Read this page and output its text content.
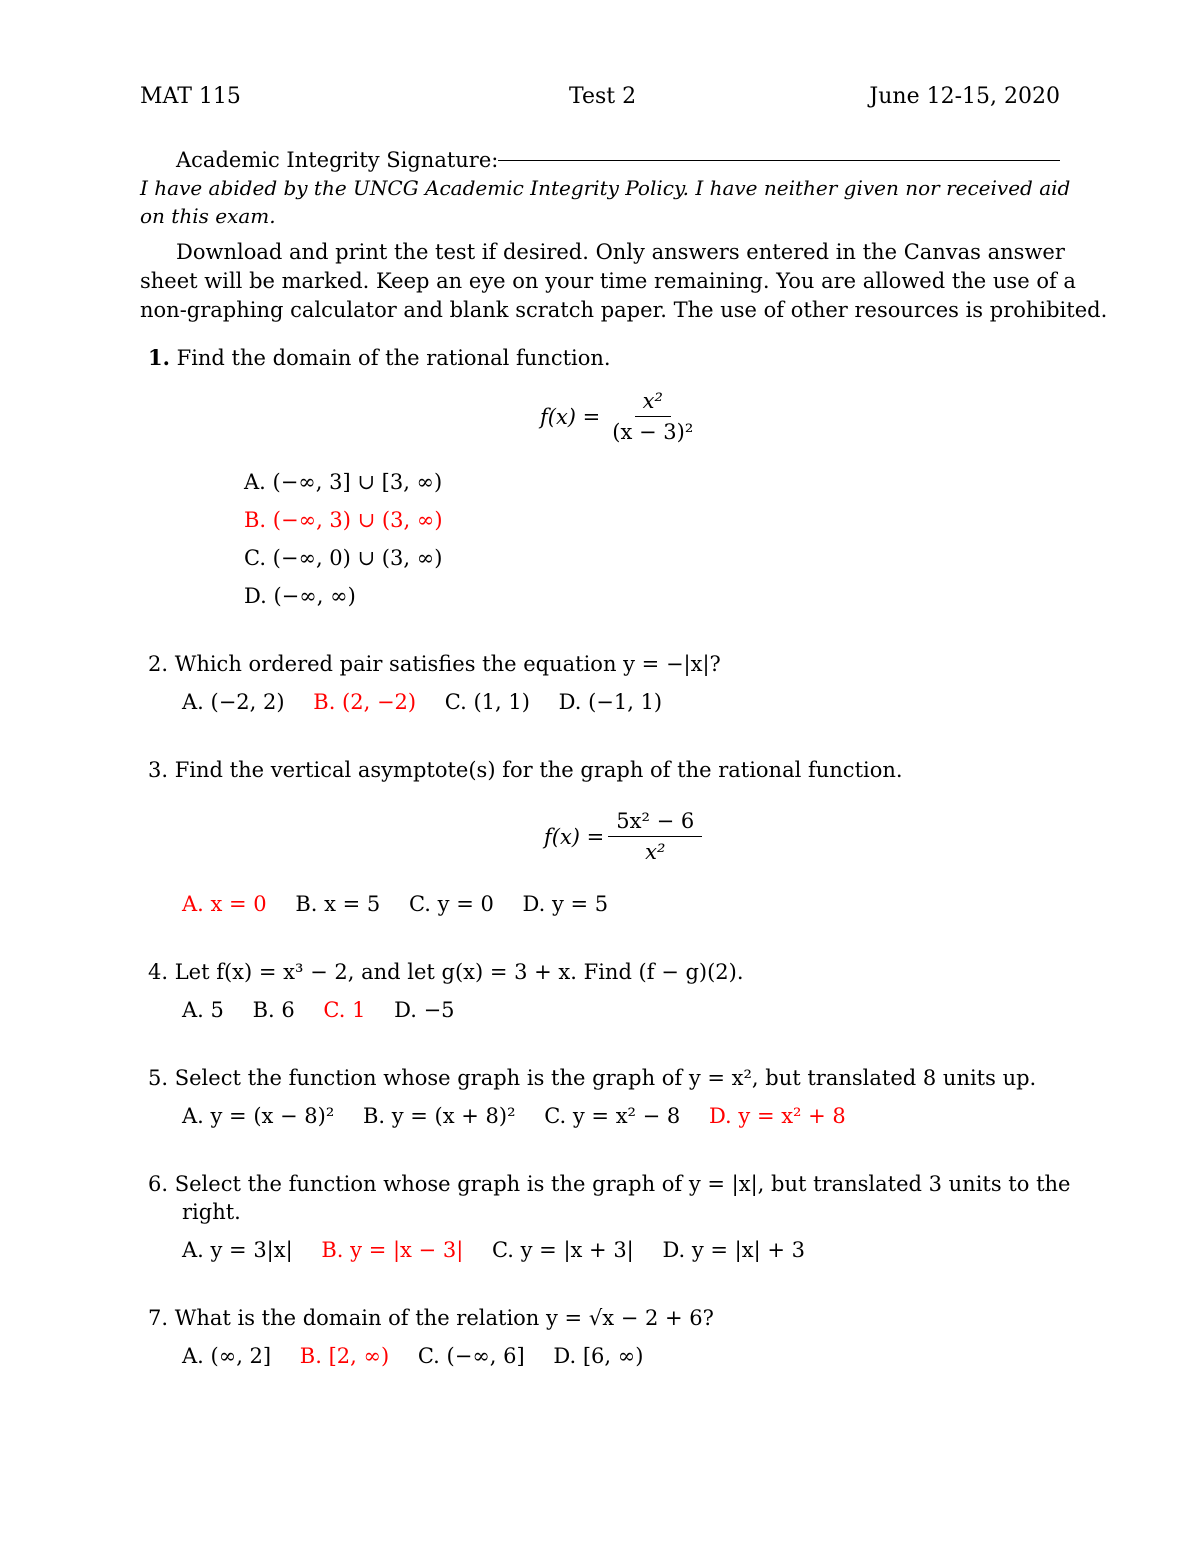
MAT 115	Test 2	June 12-15, 2020
Academic Integrity Signature:
I have abided by the UNCG Academic Integrity Policy. I have neither given nor received aid
on this exam.
Download and print the test if desired. Only answers entered in the Canvas answer
sheet will be marked. Keep an eye on your time remaining. You are allowed the use of a
non-graphing calculator and blank scratch paper. The use of other resources is prohibited.
1. Find the domain of the rational function.
$f(x) = \frac{\text{x²}}{\text{(x − 3)²}}$
A. (−∞, 3] ∪ [3, ∞)
B. (−∞, 3) ∪ (3, ∞)
C. (−∞, 0) ∪ (3, ∞)
D. (−∞, ∞)
2. Which ordered pair satisfies the equation y = −|x|?
A. (−2, 2) B. (2, −2) C. (1, 1) D. (−1, 1)
3. Find the vertical asymptote(s) for the graph of the rational function.
$f(x) = \frac{\text{5x² − 6}}{\text{x²}}$
A. x = 0 B. x = 5 C. y = 0 D. y = 5
4. Let f(x) = x³ − 2, and let g(x) = 3 + x. Find (f − g)(2).
A. 5 B. 6 C. 1 D. −5
5. Select the function whose graph is the graph of y = x², but translated 8 units up.
A. y = (x − 8)² B. y = (x + 8)² C. y = x² − 8 D. y = x² + 8
6. Select the function whose graph is the graph of y = |x|, but translated 3 units to the
right.
A. y = 3|x| B. y = |x − 3| C. y = |x + 3| D. y = |x| + 3
7. What is the domain of the relation y = √x − 2 + 6?
A. (∞, 2] B. [2, ∞) C. (−∞, 6] D. [6, ∞)
